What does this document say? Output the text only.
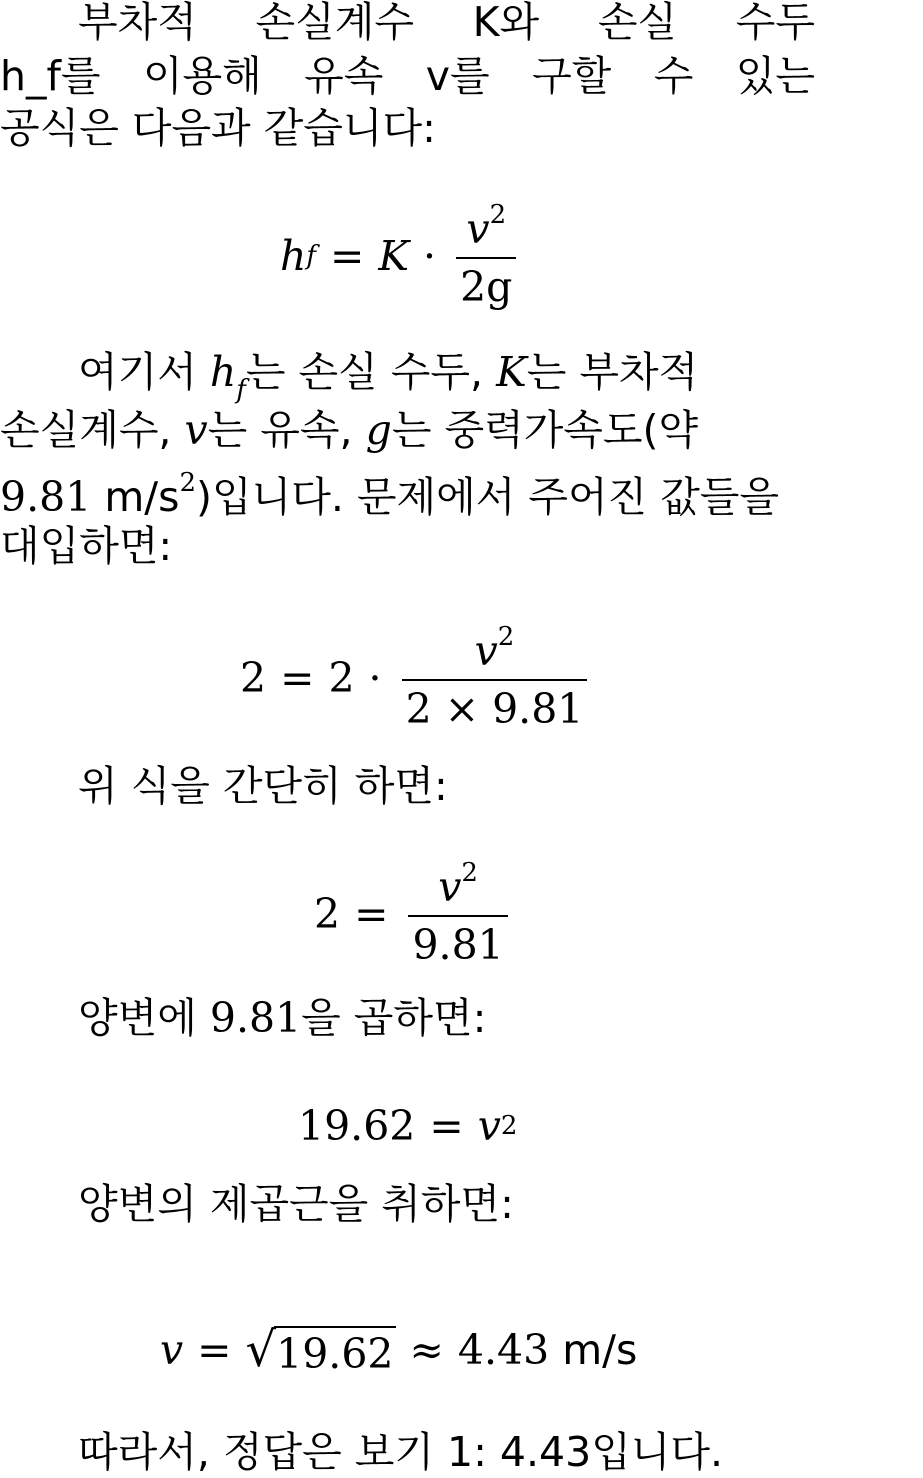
부차적 손실계수 K와 손실 수두
h_f를 이용해 유속 v를 구할 수 있는
공식은 다음과 같습니다:
h $f = K \cdot \frac{v^2}{2g}$
여기서 $h_f$는 손실 수두, K는 부차적
손실계수, v는 유속, g는 중력가속도(약
9.81 $m/s^2$)입니다. 문제에서 주어진 값들을
대입하면:
$2 = 2 \cdot \frac{v^2}{2 \times 9.81}$
위 식을 간단히 하면:
$2 = \frac{v^2}{9.81}$
양변에 9.81을 곱하면:
19.62 = v 2
양변의 제곱근을 취하면:
v = √ 19.62 ≈ 4.43
m/s
따라서, 정답은 보기 1: 4.43입니다.
